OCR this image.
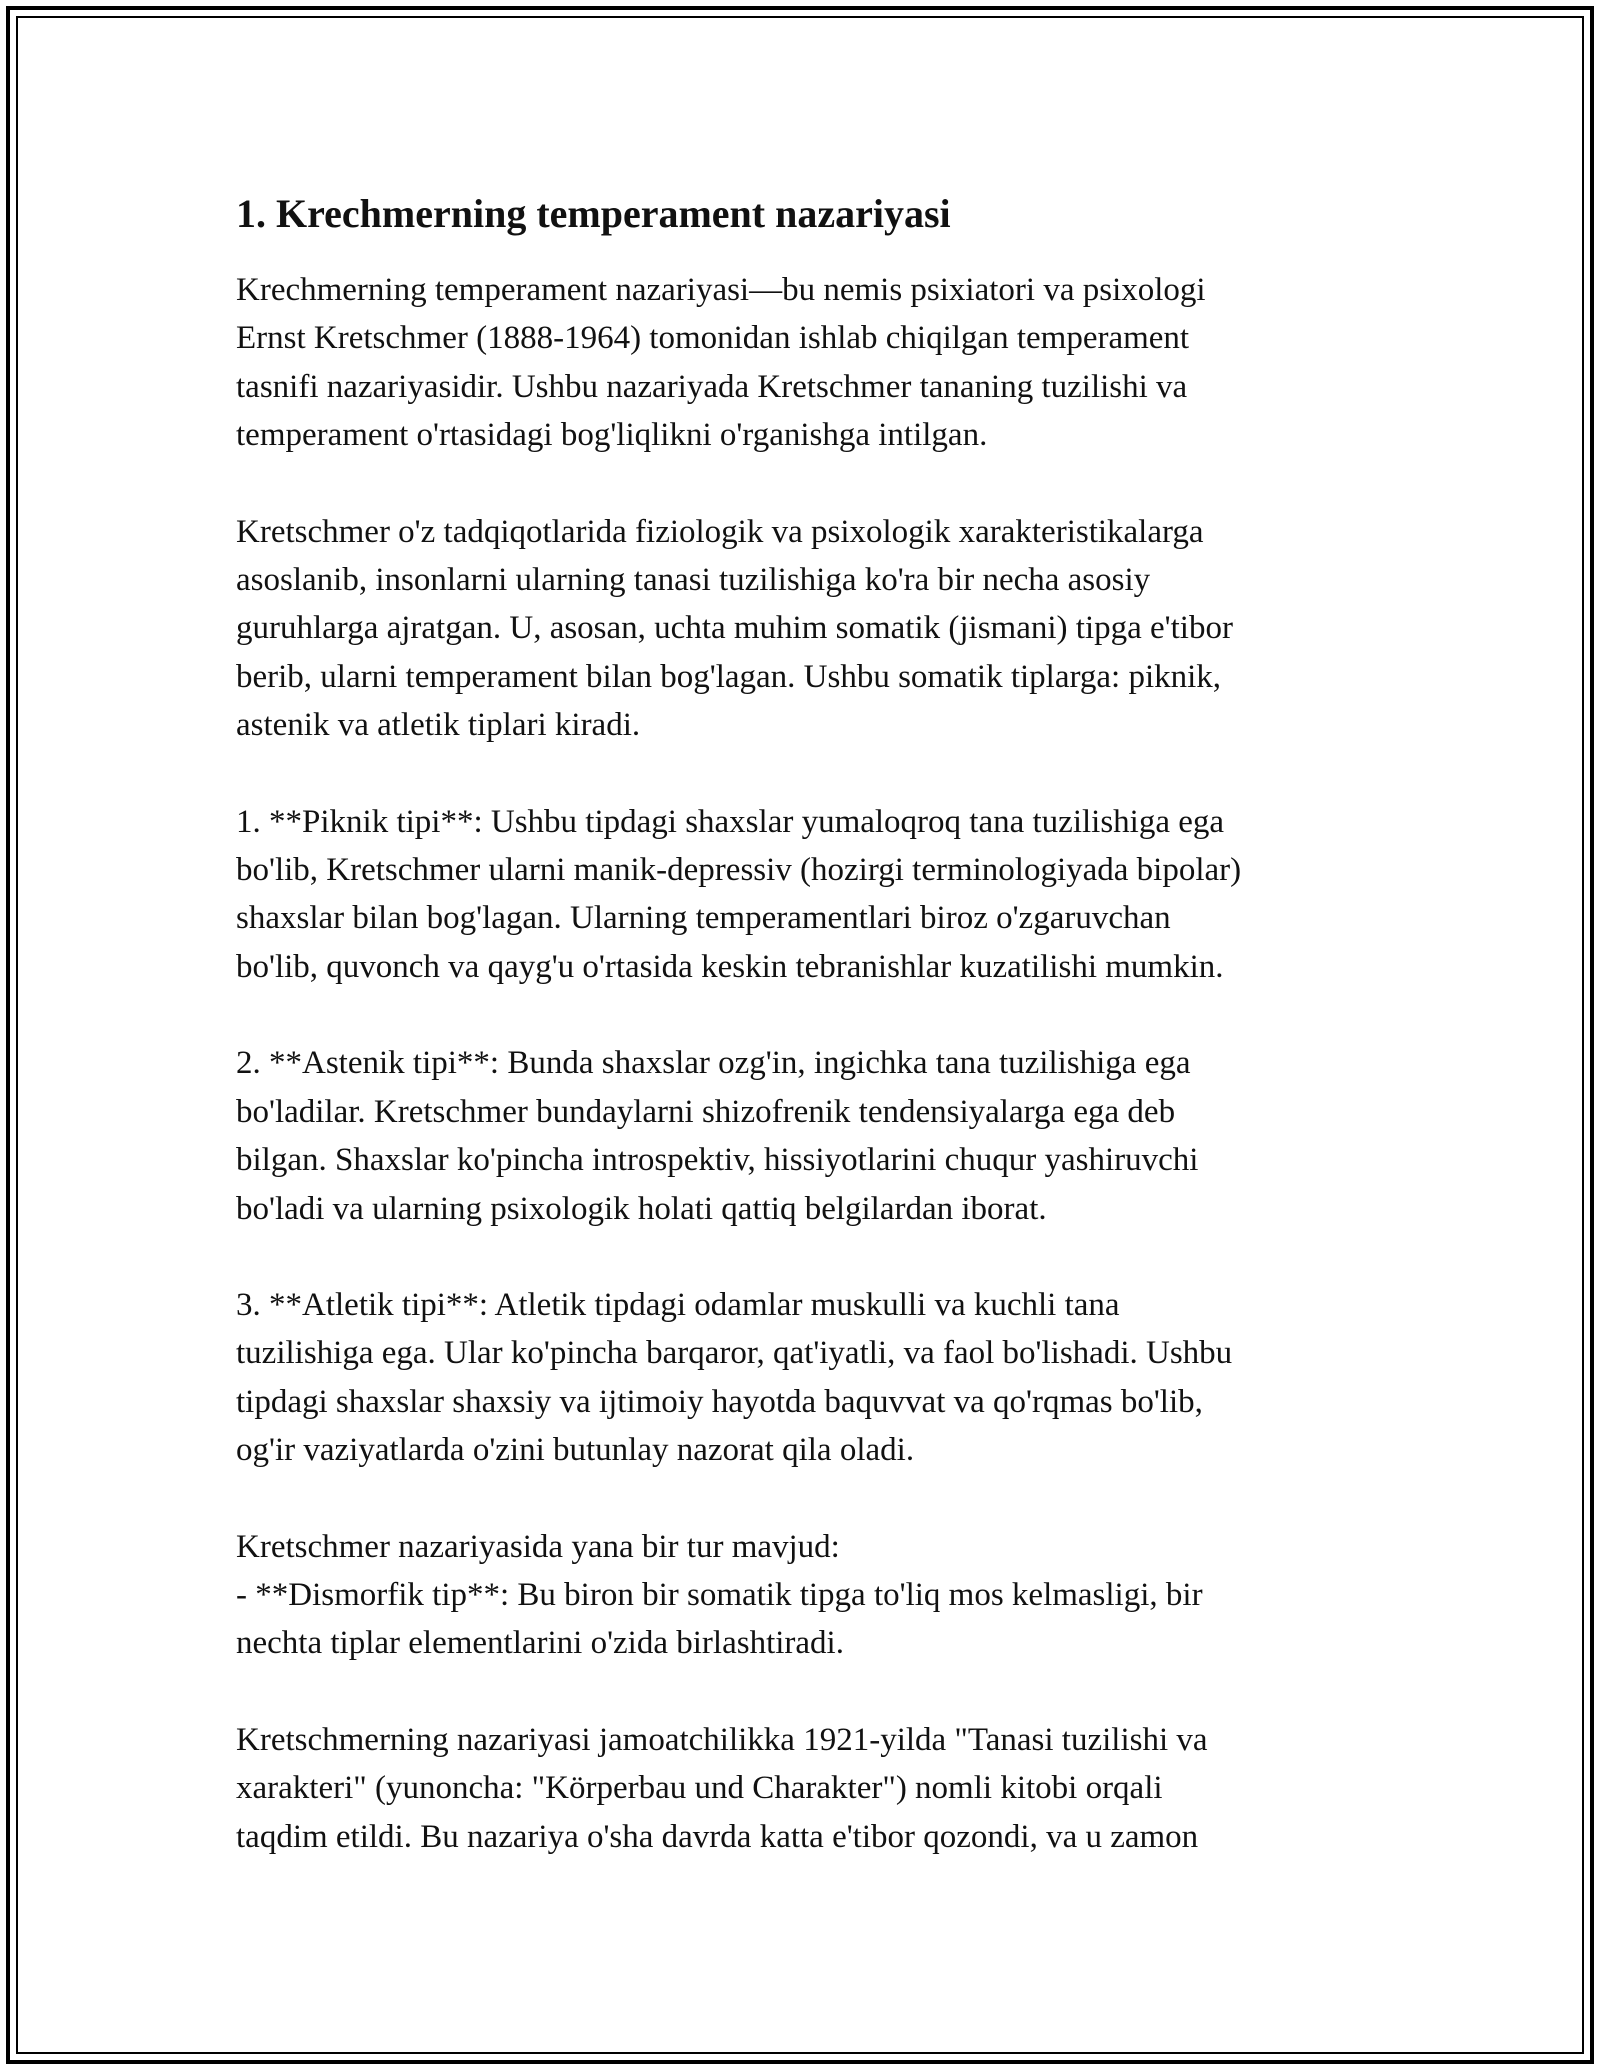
1. Krechmerning temperament nazariyasi

Krechmerning temperament nazariyasi—bu nemis psixiatori va psixologi
Ernst Kretschmer (1888-1964) tomonidan ishlab chiqilgan temperament
tasnifi nazariyasidir. Ushbu nazariyada Kretschmer tananing tuzilishi va
temperament o'rtasidagi bog'liqlikni o'rganishga intilgan.

Kretschmer o'z tadqiqotlarida fiziologik va psixologik xarakteristikalarga
asoslanib, insonlarni ularning tanasi tuzilishiga ko'ra bir necha asosiy
guruhlarga ajratgan. U, asosan, uchta muhim somatik (jismani) tipga e'tibor
berib, ularni temperament bilan bog'lagan. Ushbu somatik tiplarga: piknik,
astenik va atletik tiplari kiradi.

1. **Piknik tipi**: Ushbu tipdagi shaxslar yumaloqroq tana tuzilishiga ega
bo'lib, Kretschmer ularni manik-depressiv (hozirgi terminologiyada bipolar)
shaxslar bilan bog'lagan. Ularning temperamentlari biroz o'zgaruvchan
bo'lib, quvonch va qayg'u o'rtasida keskin tebranishlar kuzatilishi mumkin.

2. **Astenik tipi**: Bunda shaxslar ozg'in, ingichka tana tuzilishiga ega
bo'ladilar. Kretschmer bundaylarni shizofrenik tendensiyalarga ega deb
bilgan. Shaxslar ko'pincha introspektiv, hissiyotlarini chuqur yashiruvchi
bo'ladi va ularning psixologik holati qattiq belgilardan iborat.

3. **Atletik tipi**: Atletik tipdagi odamlar muskulli va kuchli tana
tuzilishiga ega. Ular ko'pincha barqaror, qat'iyatli, va faol bo'lishadi. Ushbu
tipdagi shaxslar shaxsiy va ijtimoiy hayotda baquvvat va qo'rqmas bo'lib,
og'ir vaziyatlarda o'zini butunlay nazorat qila oladi.

Kretschmer nazariyasida yana bir tur mavjud:
- **Dismorfik tip**: Bu biron bir somatik tipga to'liq mos kelmasligi, bir
nechta tiplar elementlarini o'zida birlashtiradi.

Kretschmerning nazariyasi jamoatchilikka 1921-yilda "Tanasi tuzilishi va
xarakteri" (yunoncha: "Körperbau und Charakter") nomli kitobi orqali
taqdim etildi. Bu nazariya o'sha davrda katta e'tibor qozondi, va u zamon
